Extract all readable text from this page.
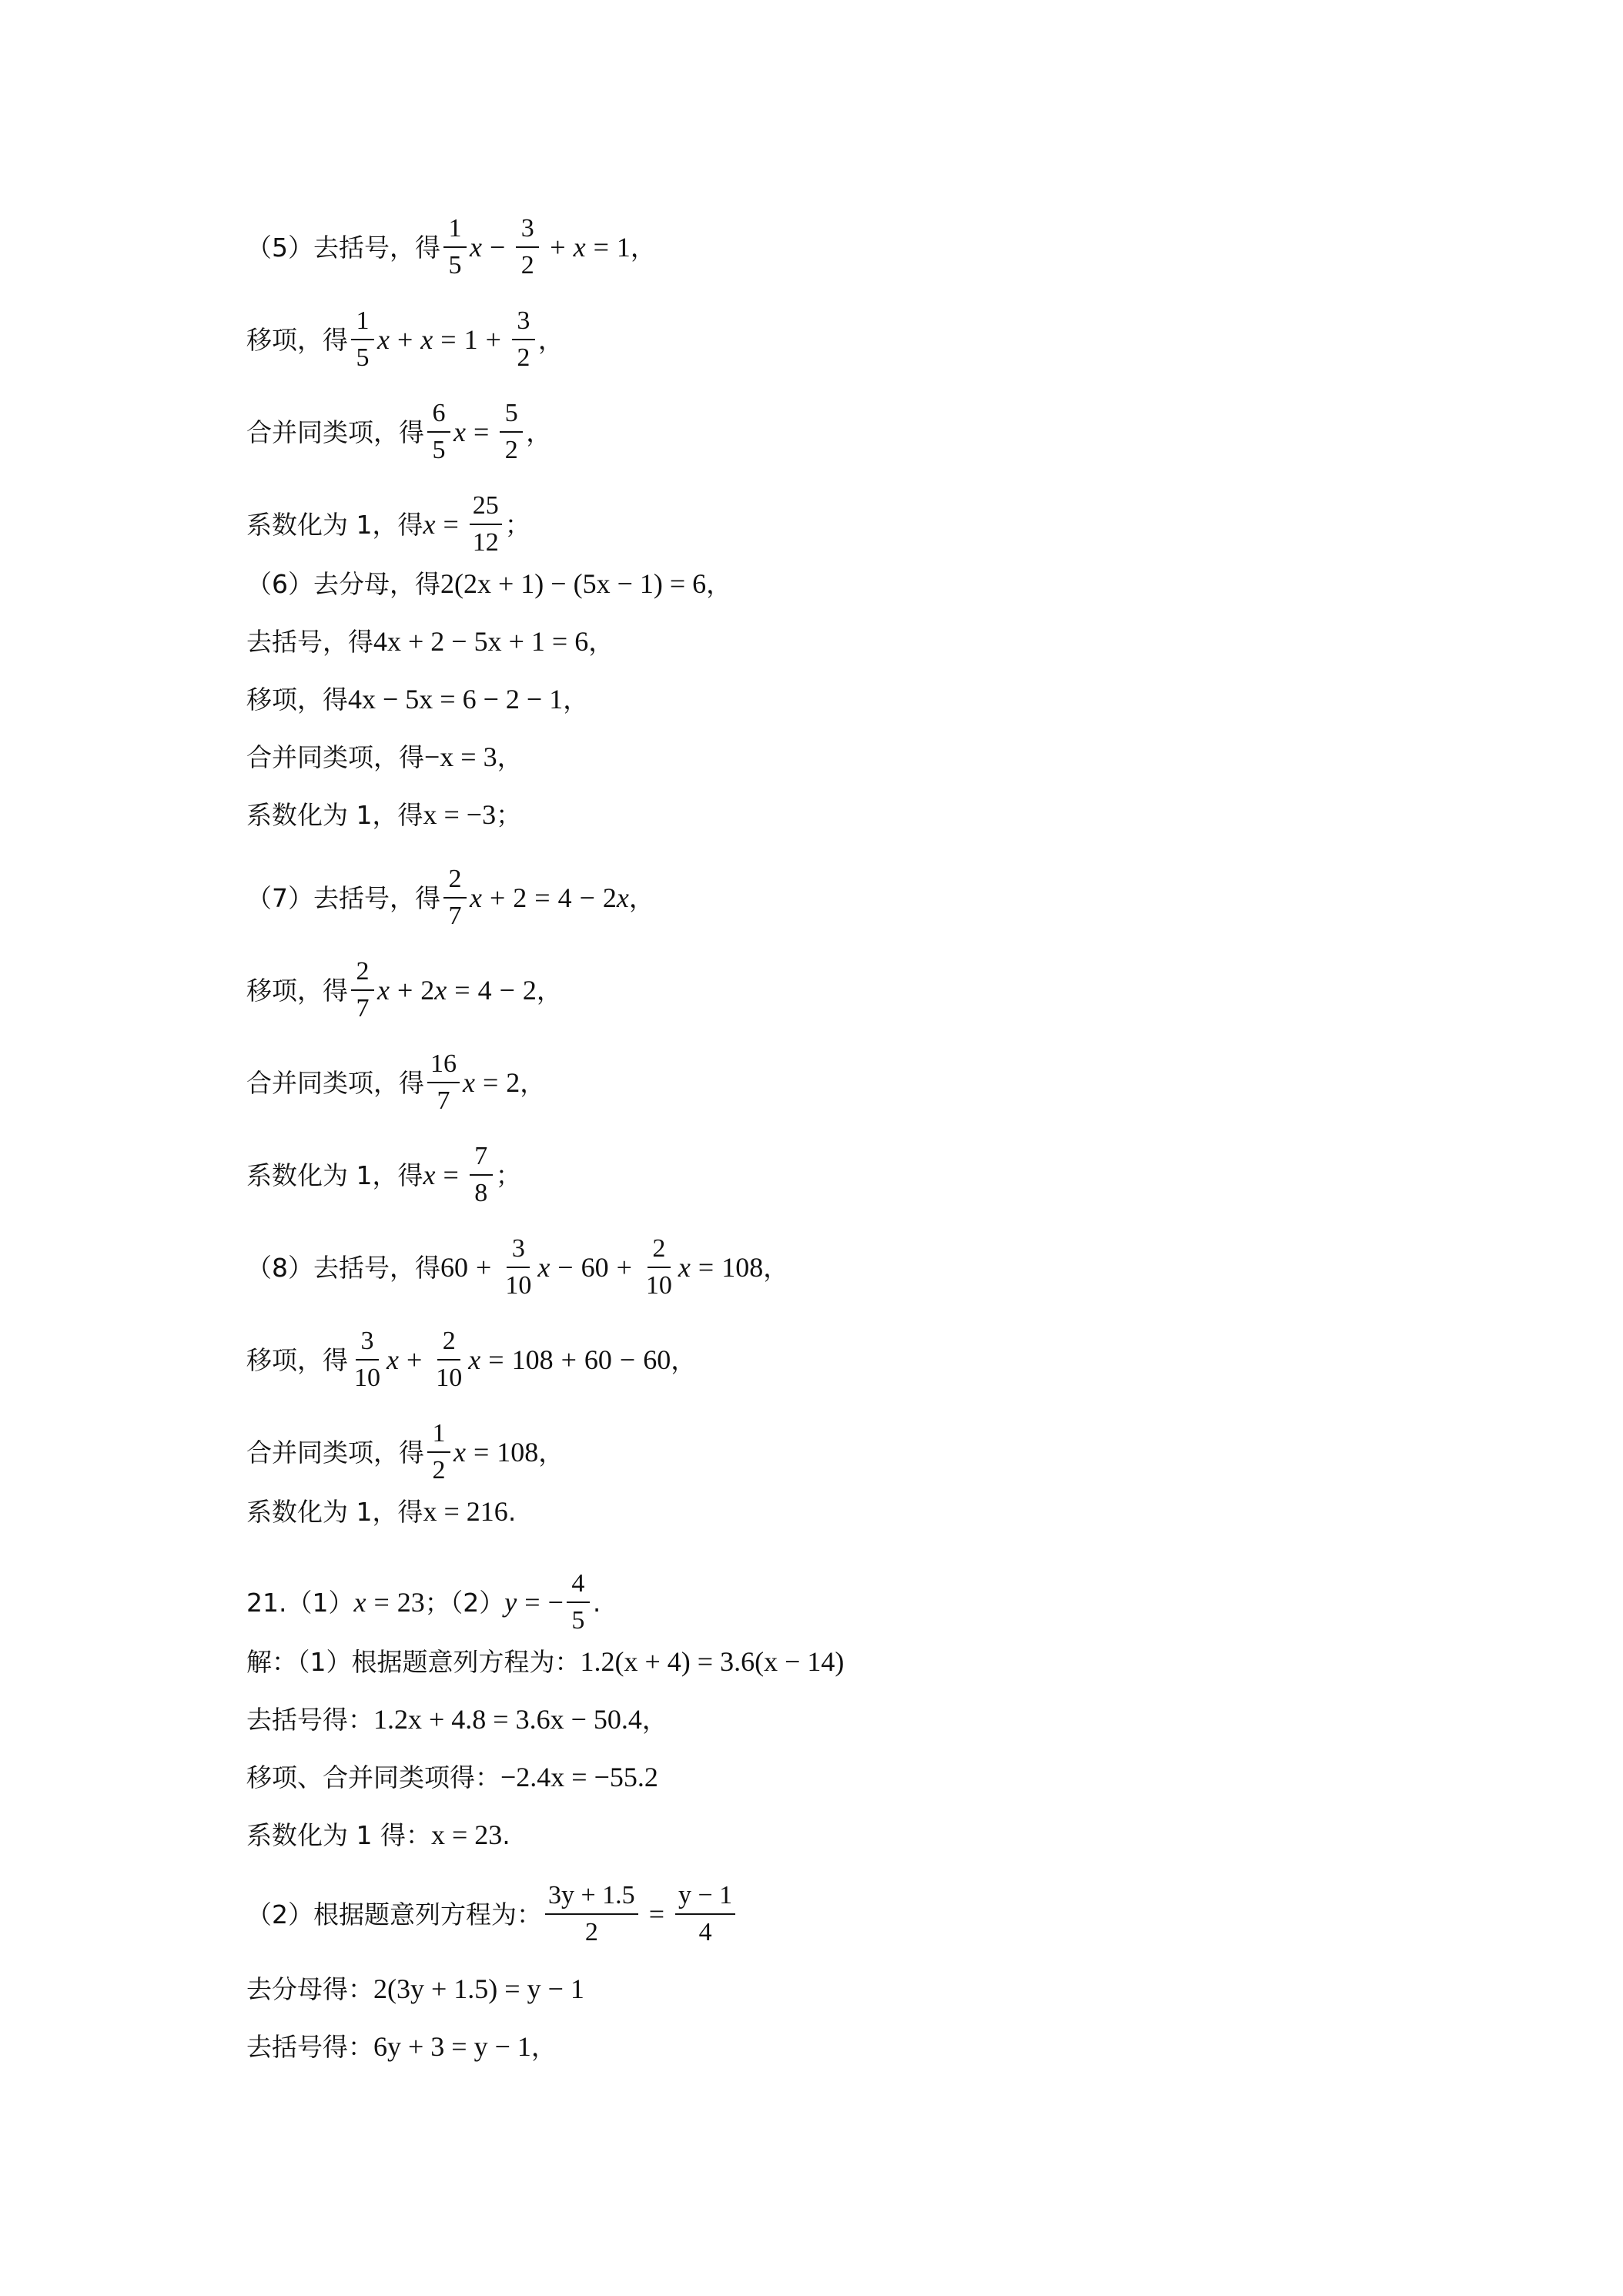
（5）去括号，得 $\frac{1}{5}$ $x - \frac{3}{2} + x = 1$ ，
移项，得 $\frac{1}{5}$ $x + x = 1 + \frac{3}{2}$ ，
合并同类项，得 $\frac{6}{5}$ $x = \frac{5}{2}$ ，
系数化为 1，得 $x = \frac{25}{12}$ ；
（6）去分母，得 2(2x + 1) − (5x − 1) = 6 ，
去括号，得 4x + 2 − 5x + 1 = 6 ，
移项，得 4x − 5x = 6 − 2 − 1 ，
合并同类项，得 −x = 3 ，
系数化为 1，得 x = −3 ；
（7）去括号，得 $\frac{2}{7}$ x + 2 = 4 − 2 x ，
移项，得 $\frac{2}{7}$ x + 2 x = 4 − 2 ，
合并同类项，得 $\frac{16}{7}$ x = 2 ，
系数化为 1，得 $x = \frac{7}{8}$ ；
（8）去括号，得 $60 + \frac{3}{10}$ $x - 60 + \frac{2}{10}$ x = 108 ，
移项，得 $\frac{3}{10}$ $x + \frac{2}{10}$ x = 108 + 60 − 60 ，
合并同类项，得 $\frac{1}{2}$ x = 108 ，
系数化为 1，得 x = 216 .
21.（1） x = 23 ；（2） y = − $\frac{4}{5}$ .
解：（1）根据题意列方程为： 1.2(x + 4) = 3.6(x − 14)
去括号得： 1.2x + 4.8 = 3.6x − 50.4 ，
移项、合并同类项得： −2.4x = −55.2
系数化为 1 得： x = 23 .
（2）根据题意列方程为： $\frac{3y + 1.5}{2} = \frac{y - 1}{4}$
去分母得： 2(3y + 1.5) = y − 1
去括号得： 6y + 3 = y − 1 ，
